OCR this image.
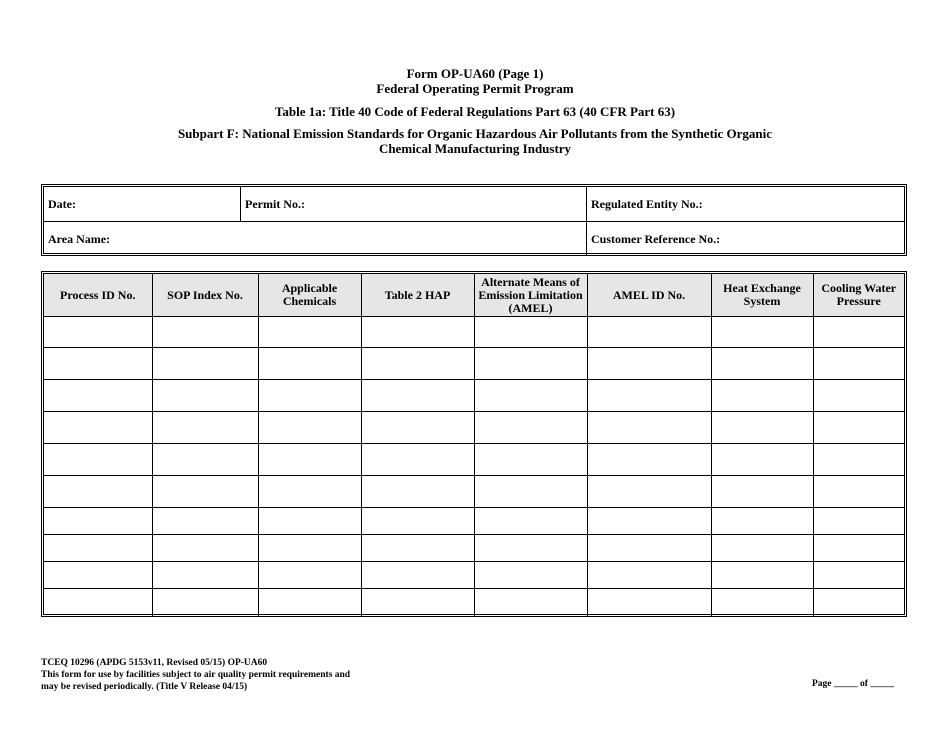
Form OP-UA60 (Page 1)
Federal Operating Permit Program
Table 1a: Title 40 Code of Federal Regulations Part 63 (40 CFR Part 63)
Subpart F: National Emission Standards for Organic Hazardous Air Pollutants from the Synthetic Organic
Chemical Manufacturing Industry
Date:	Permit No.:	Regulated Entity No.:
Area Name:	Customer Reference No.:
Process ID No.	SOP Index No.	Applicable Chemicals	Table 2 HAP	Alternate Means of Emission Limitation (AMEL)	AMEL ID No.	Heat Exchange System	Cooling Water Pressure

TCEQ 10296 (APDG 5153v11, Revised 05/15) OP-UA60
This form for use by facilities subject to air quality permit requirements and
may be revised periodically. (Title V Release 04/15)	Page _____ of _____
